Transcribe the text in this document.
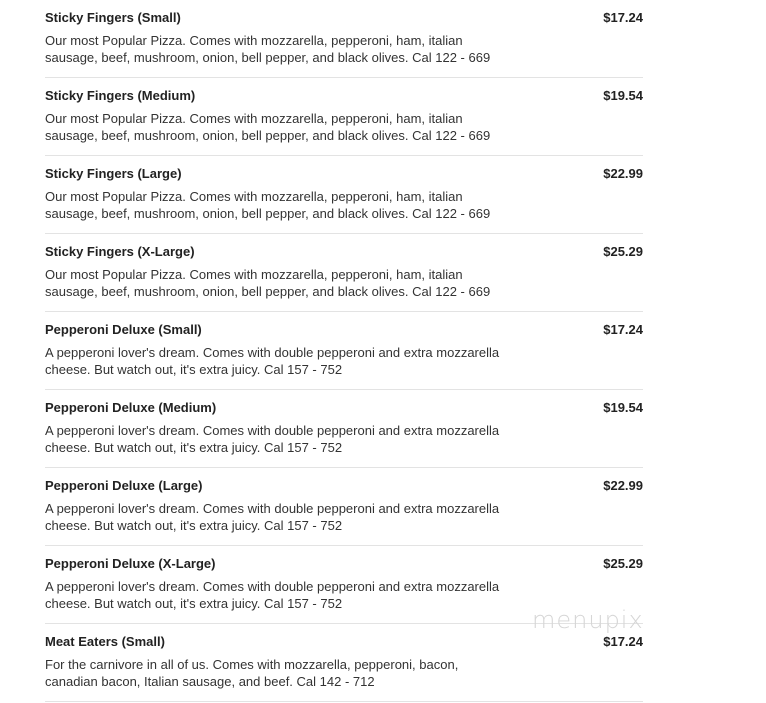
Sticky Fingers (Small)	$17.24
Our most Popular Pizza. Comes with mozzarella, pepperoni, ham, italian
sausage, beef, mushroom, onion, bell pepper, and black olives. Cal 122 - 669
Sticky Fingers (Medium)	$19.54
Our most Popular Pizza. Comes with mozzarella, pepperoni, ham, italian
sausage, beef, mushroom, onion, bell pepper, and black olives. Cal 122 - 669
Sticky Fingers (Large)	$22.99
Our most Popular Pizza. Comes with mozzarella, pepperoni, ham, italian
sausage, beef, mushroom, onion, bell pepper, and black olives. Cal 122 - 669
Sticky Fingers (X-Large)	$25.29
Our most Popular Pizza. Comes with mozzarella, pepperoni, ham, italian
sausage, beef, mushroom, onion, bell pepper, and black olives. Cal 122 - 669
Pepperoni Deluxe (Small)	$17.24
A pepperoni lover's dream. Comes with double pepperoni and extra mozzarella
cheese. But watch out, it's extra juicy. Cal 157 - 752
Pepperoni Deluxe (Medium)	$19.54
A pepperoni lover's dream. Comes with double pepperoni and extra mozzarella
cheese. But watch out, it's extra juicy. Cal 157 - 752
Pepperoni Deluxe (Large)	$22.99
A pepperoni lover's dream. Comes with double pepperoni and extra mozzarella
cheese. But watch out, it's extra juicy. Cal 157 - 752
Pepperoni Deluxe (X-Large)	$25.29
A pepperoni lover's dream. Comes with double pepperoni and extra mozzarella
cheese. But watch out, it's extra juicy. Cal 157 - 752
Meat Eaters (Small)	$17.24
For the carnivore in all of us. Comes with mozzarella, pepperoni, bacon,
canadian bacon, Italian sausage, and beef. Cal 142 - 712
menupix
